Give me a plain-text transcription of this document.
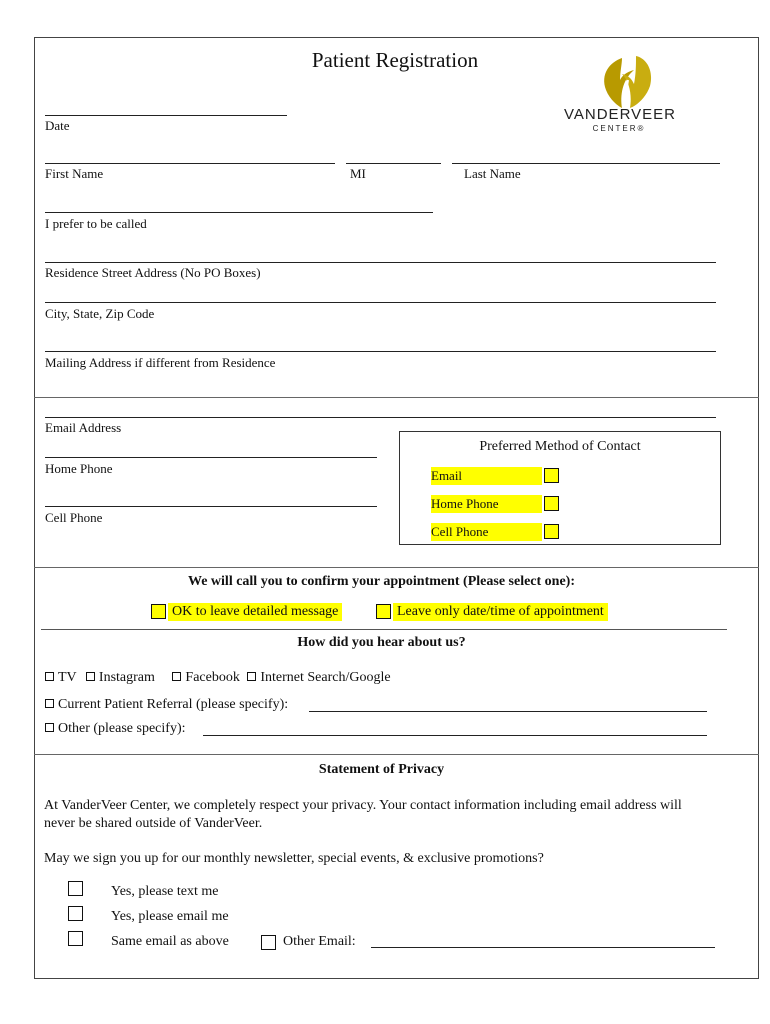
Patient Registration
VANDERVEER
CENTER®
Date
First Name	MI	Last Name
I prefer to be called
Residence Street Address (No PO Boxes)
City, State, Zip Code
Mailing Address if different from Residence
Email Address
Home Phone
Cell Phone
Preferred Method of Contact
Email
Home Phone
Cell Phone
We will call you to confirm your appointment (Please select one):
OK to leave detailed message	Leave only date/time of appointment
How did you hear about us?
TV Instagram Facebook Internet Search/Google
Current Patient Referral (please specify):
Other (please specify):
Statement of Privacy
At VanderVeer Center, we completely respect your privacy. Your contact information including email address will never be shared outside of VanderVeer.
May we sign you up for our monthly newsletter, special events, & exclusive promotions?
Yes, please text me
Yes, please email me
Same email as above	Other Email:
